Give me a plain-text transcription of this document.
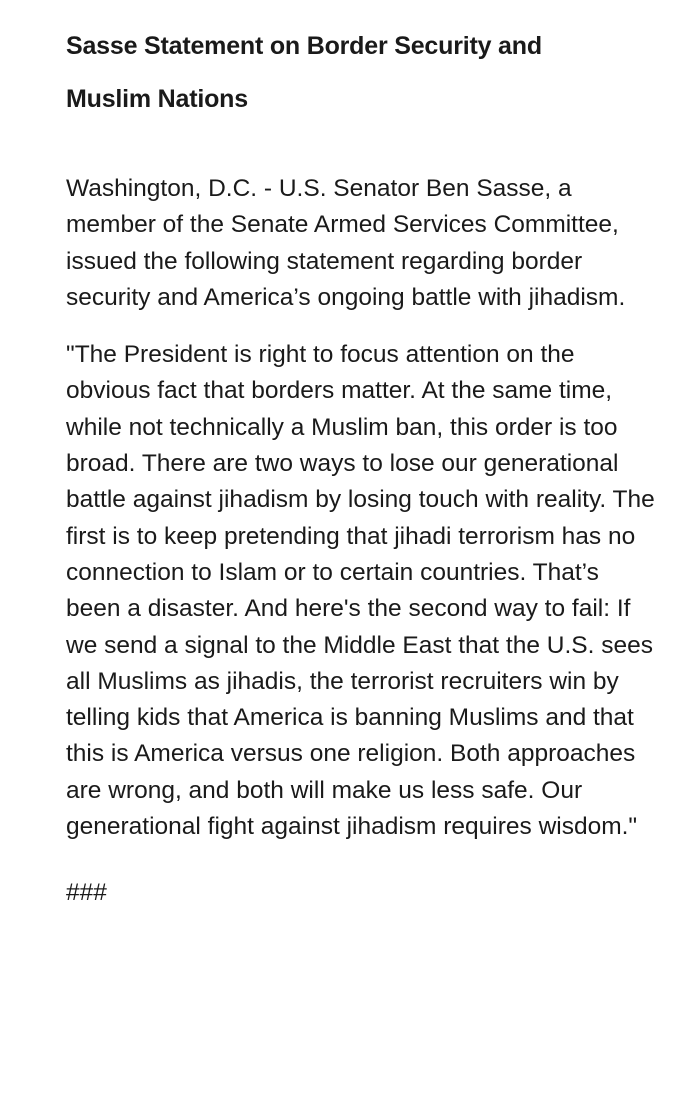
Sasse Statement on Border Security and Muslim Nations

Washington, D.C. - U.S. Senator Ben Sasse, a member of the Senate Armed Services Committee, issued the following statement regarding border security and America’s ongoing battle with jihadism.

"The President is right to focus attention on the obvious fact that borders matter. At the same time, while not technically a Muslim ban, this order is too broad. There are two ways to lose our generational battle against jihadism by losing touch with reality. The first is to keep pretending that jihadi terrorism has no connection to Islam or to certain countries. That’s been a disaster. And here's the second way to fail: If we send a signal to the Middle East that the U.S. sees all Muslims as jihadis, the terrorist recruiters win by telling kids that America is banning Muslims and that this is America versus one religion. Both approaches are wrong, and both will make us less safe. Our generational fight against jihadism requires wisdom."

###
